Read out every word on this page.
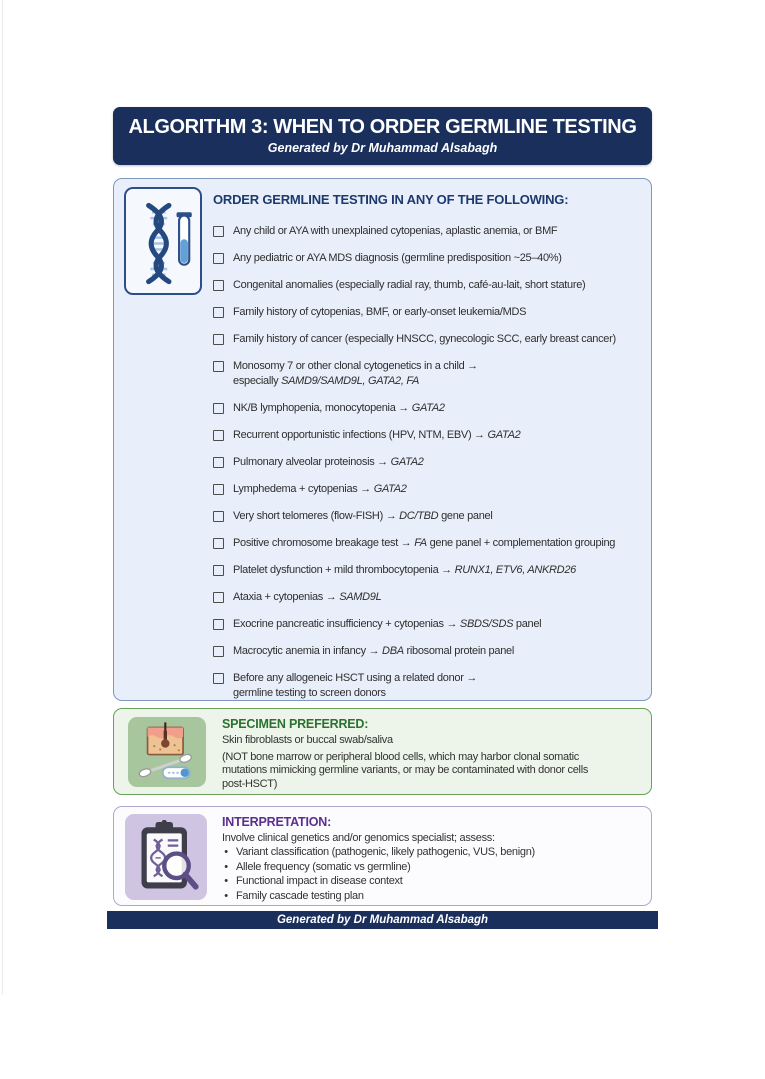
ALGORITHM 3: WHEN TO ORDER GERMLINE TESTING
Generated by Dr Muhammad Alsabagh
ORDER GERMLINE TESTING IN ANY OF THE FOLLOWING:
Any child or AYA with unexplained cytopenias, aplastic anemia, or BMF
Any pediatric or AYA MDS diagnosis (germline predisposition ~25–40%)
Congenital anomalies (especially radial ray, thumb, café-au-lait, short stature)
Family history of cytopenias, BMF, or early-onset leukemia/MDS
Family history of cancer (especially HNSCC, gynecologic SCC, early breast cancer)
Monosomy 7 or other clonal cytogenetics in a child →
especially SAMD9/SAMD9L, GATA2, FA
NK/B lymphopenia, monocytopenia → GATA2
Recurrent opportunistic infections (HPV, NTM, EBV) → GATA2
Pulmonary alveolar proteinosis → GATA2
Lymphedema + cytopenias → GATA2
Very short telomeres (flow-FISH) → DC/TBD gene panel
Positive chromosome breakage test → FA gene panel + complementation grouping
Platelet dysfunction + mild thrombocytopenia → RUNX1, ETV6, ANKRD26
Ataxia + cytopenias → SAMD9L
Exocrine pancreatic insufficiency + cytopenias → SBDS/SDS panel
Macrocytic anemia in infancy → DBA ribosomal protein panel
Before any allogeneic HSCT using a related donor →
germline testing to screen donors
SPECIMEN PREFERRED:
Skin fibroblasts or buccal swab/saliva
(NOT bone marrow or peripheral blood cells, which may harbor clonal somatic mutations mimicking germline variants, or may be contaminated with donor cells post-HSCT)
INTERPRETATION:
Involve clinical genetics and/or genomics specialist; assess:
• Variant classification (pathogenic, likely pathogenic, VUS, benign)
• Allele frequency (somatic vs germline)
• Functional impact in disease context
• Family cascade testing plan
Generated by Dr Muhammad Alsabagh
